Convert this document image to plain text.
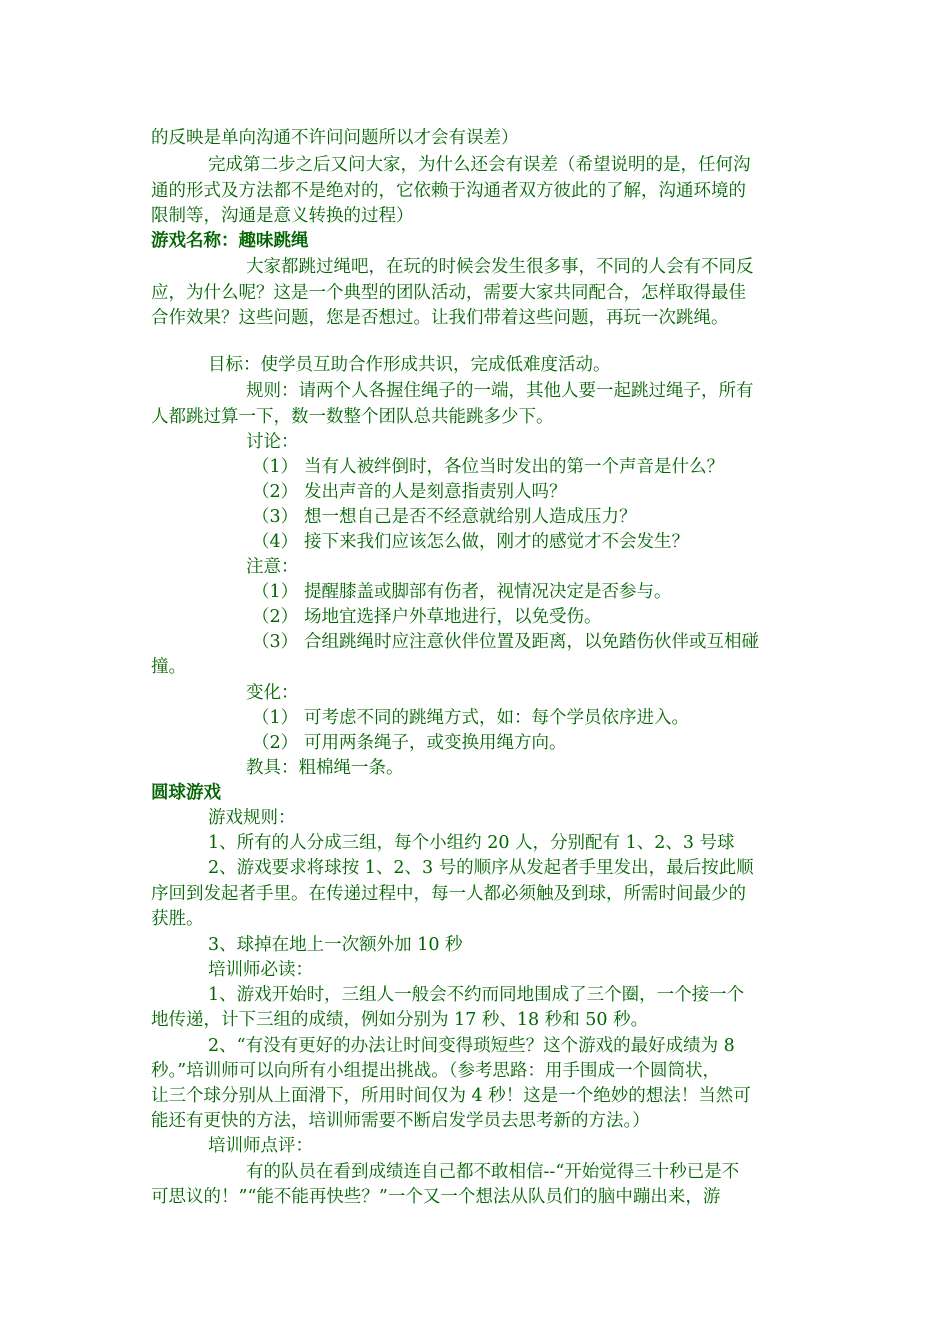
的反映是单向沟通不许问问题所以才会有误差）
完成第二步之后又问大家，为什么还会有误差（希望说明的是，任何沟
通的形式及方法都不是绝对的，它依赖于沟通者双方彼此的了解，沟通环境的
限制等，沟通是意义转换的过程）
游戏名称：趣味跳绳
大家都跳过绳吧，在玩的时候会发生很多事，不同的人会有不同反
应，为什么呢？这是一个典型的团队活动，需要大家共同配合，怎样取得最佳
合作效果？这些问题，您是否想过。让我们带着这些问题，再玩一次跳绳。
目标：使学员互助合作形成共识，完成低难度活动。
规则：请两个人各握住绳子的一端，其他人要一起跳过绳子，所有
人都跳过算一下，数一数整个团队总共能跳多少下。
讨论：
（1） 当有人被绊倒时，各位当时发出的第一个声音是什么？
（2） 发出声音的人是刻意指责别人吗？
（3） 想一想自己是否不经意就给别人造成压力？
（4） 接下来我们应该怎么做，刚才的感觉才不会发生？
注意：
（1） 提醒膝盖或脚部有伤者，视情况决定是否参与。
（2） 场地宜选择户外草地进行，以免受伤。
（3） 合组跳绳时应注意伙伴位置及距离，以免踏伤伙伴或互相碰
撞。
变化：
（1） 可考虑不同的跳绳方式，如：每个学员依序进入。
（2） 可用两条绳子，或变换用绳方向。
教具：粗棉绳一条。
圆球游戏
游戏规则：
1、所有的人分成三组，每个小组约 20 人，分别配有 1、2、3 号球
2、游戏要求将球按 1、2、3 号的顺序从发起者手里发出，最后按此顺
序回到发起者手里。在传递过程中，每一人都必须触及到球，所需时间最少的
获胜。
3、球掉在地上一次额外加 10 秒
培训师必读：
1、游戏开始时，三组人一般会不约而同地围成了三个圈，一个接一个
地传递，计下三组的成绩，例如分别为 17 秒、18 秒和 50 秒。
2、“有没有更好的办法让时间变得琐短些？这个游戏的最好成绩为 8
秒。”培训师可以向所有小组提出挑战。（参考思路：用手围成一个圆筒状，
让三个球分别从上面滑下，所用时间仅为 4 秒！这是一个绝妙的想法！当然可
能还有更快的方法，培训师需要不断启发学员去思考新的方法。）
培训师点评：
有的队员在看到成绩连自己都不敢相信--“开始觉得三十秒已是不
可思议的！”“能不能再快些？”一个又一个想法从队员们的脑中蹦出来，游
